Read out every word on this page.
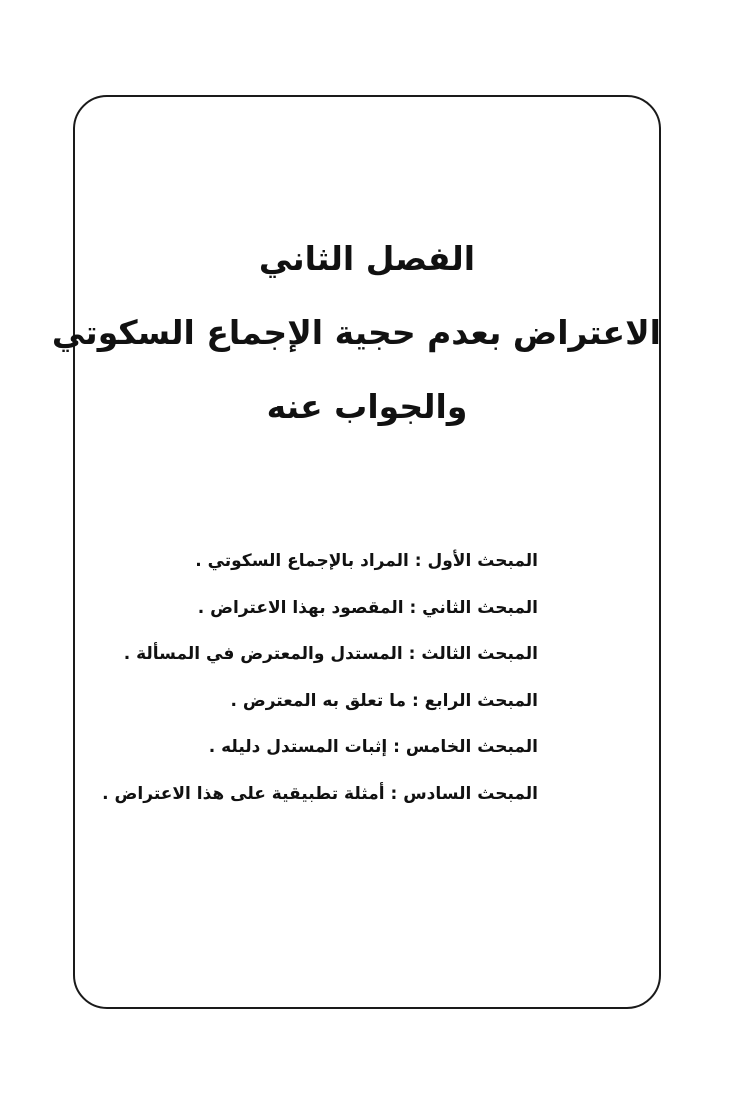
الفصل الثاني
الاعتراض بعدم حجية الإجماع السكوتي
والجواب عنه
المبحث الأول : المراد بالإجماع السكوتي .
المبحث الثاني : المقصود بهذا الاعتراض .
المبحث الثالث : المستدل والمعترض في المسألة .
المبحث الرابع : ما تعلق به المعترض .
المبحث الخامس : إثبات المستدل دليله .
المبحث السادس : أمثلة تطبيقية على هذا الاعتراض .
